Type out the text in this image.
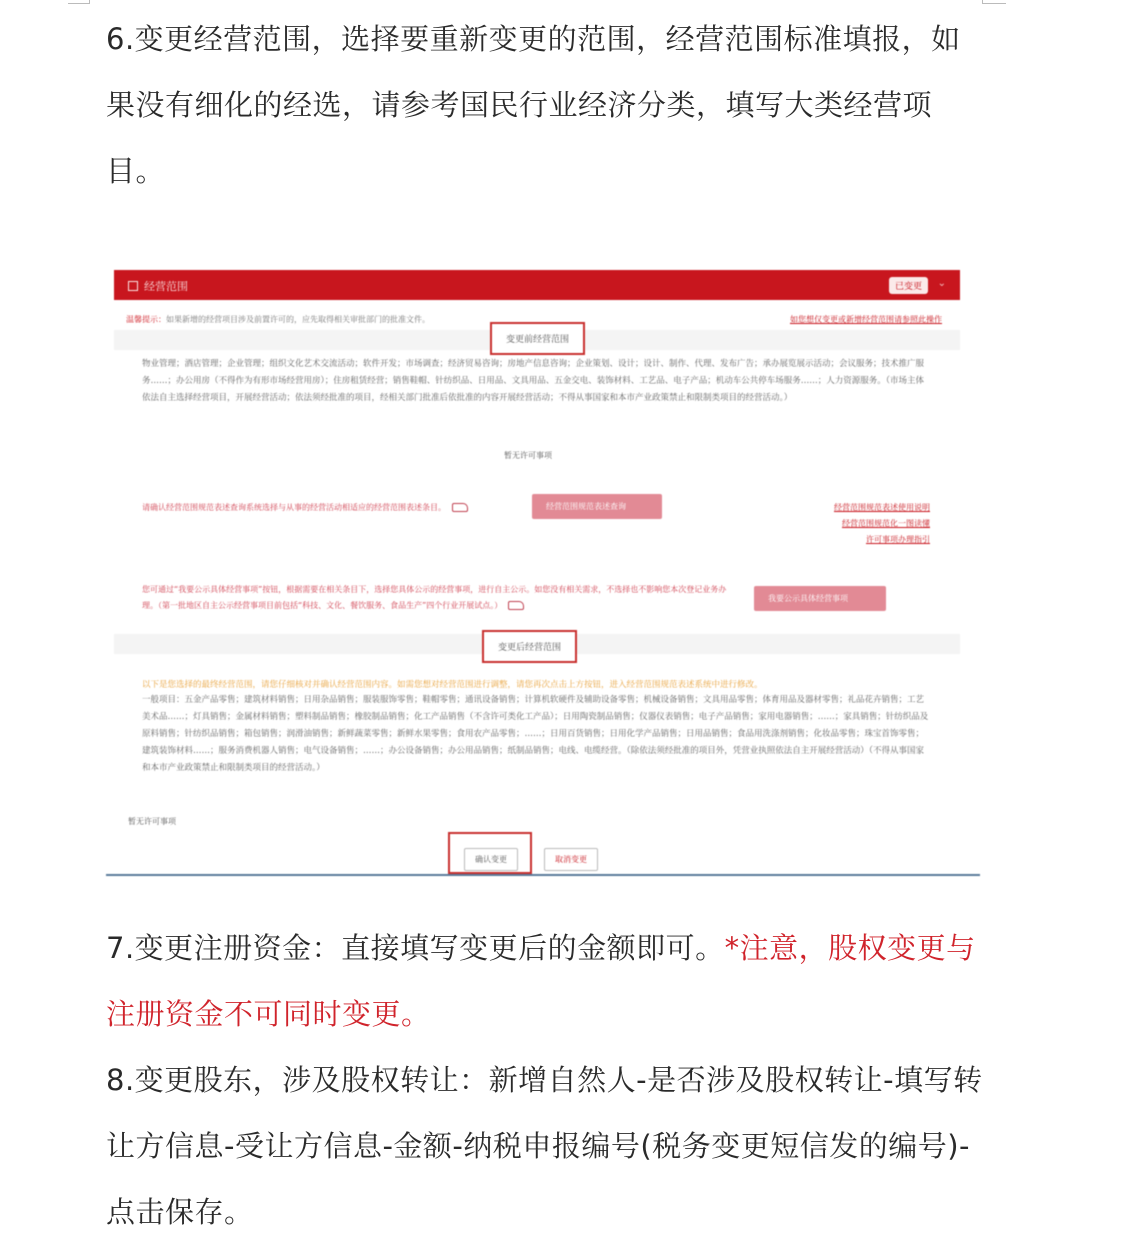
6.变更经营范围，选择要重新变更的范围，经营范围标准填报，如果没有细化的经选，请参考国民行业经济分类，填写大类经营项目。

经营范围	已变更	⌄
温馨提示：如果新增的经营项目涉及前置许可的，应先取得相关审批部门的批准文件。	如您想仅变更或新增经营范围请参照此操作
变更前经营范围
物业管理；酒店管理；企业管理；组织文化艺术交流活动；软件开发；市场调查；经济贸易咨询；房地产信息咨询；企业策划、设计；设计、制作、代理、发布广告；承办展览展示活动；会议服务；技术推广服务……；办公用房（不得作为有形市场经营用房）；住房租赁经营；销售鞋帽、针纺织品、日用品、文具用品、五金交电、装饰材料、工艺品、电子产品；机动车公共停车场服务……；人力资源服务。（市场主体依法自主选择经营项目，开展经营活动；依法须经批准的项目，经相关部门批准后依批准的内容开展经营活动；不得从事国家和本市产业政策禁止和限制类项目的经营活动。）
暂无许可事项
请确认经营范围规范表述查询系统选择与从事的经营活动相适应的经营范围表述条目。	经营范围规范表述查询	经营范围规范表述使用说明
经营范围规范化一图读懂
许可事项办理指引
您可通过“我要公示具体经营事项”按钮，根据需要在相关条目下，选择您具体公示的经营事项，进行自主公示。如您没有相关需求，不选择也不影响您本次登记业务办理。（第一批地区自主公示经营事项目前包括“科技、文化、餐饮服务、食品生产”四个行业开展试点。）
我要公示具体经营事项
变更后经营范围
以下是您选择的最终经营范围，请您仔细核对并确认经营范围内容。如需您想对经营范围进行调整，请您再次点击上方按钮，进入经营范围规范表述系统中进行修改。
一般项目：五金产品零售；建筑材料销售；日用杂品销售；服装服饰零售；鞋帽零售；通讯设备销售；计算机软硬件及辅助设备零售；机械设备销售；文具用品零售；体育用品及器材零售；礼品花卉销售；工艺美术品……；灯具销售；金属材料销售；塑料制品销售；橡胶制品销售；化工产品销售（不含许可类化工产品）；日用陶瓷制品销售；仪器仪表销售；电子产品销售；家用电器销售；……；家具销售；针纺织品及原料销售；针纺织品销售；箱包销售；润滑油销售；新鲜蔬菜零售；新鲜水果零售；食用农产品零售；……；日用百货销售；日用化学产品销售；日用品销售；食品用洗涤剂销售；化妆品零售；珠宝首饰零售；建筑装饰材料……；服务消费机器人销售；电气设备销售；……；办公设备销售；办公用品销售；纸制品销售；电线、电缆经营。（除依法须经批准的项目外，凭营业执照依法自主开展经营活动）（不得从事国家和本市产业政策禁止和限制类项目的经营活动。）
暂无许可事项
确认变更	取消变更

7.变更注册资金：直接填写变更后的金额即可。*注意，股权变更与注册资金不可同时变更。

8.变更股东，涉及股权转让：新增自然人-是否涉及股权转让-填写转让方信息-受让方信息-金额-纳税申报编号(税务变更短信发的编号)-点击保存。
